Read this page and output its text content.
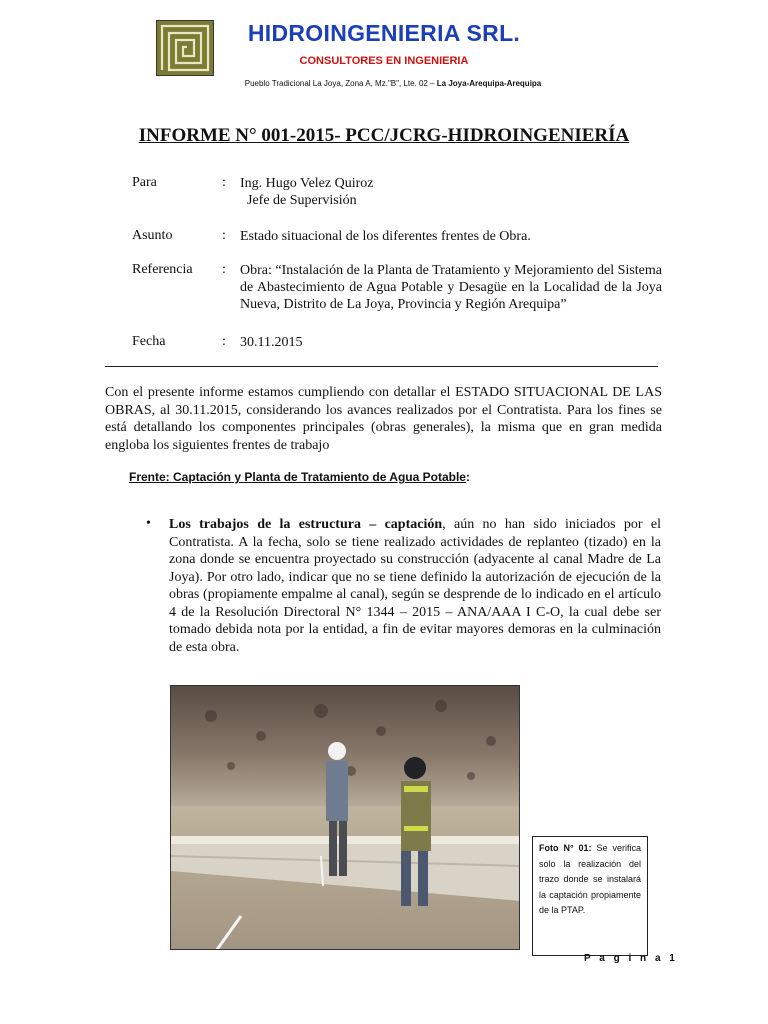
HIDROINGENIERIA SRL.
CONSULTORES EN INGENIERIA
Pueblo Tradicional La Joya, Zona A, Mz."B", Lte. 02 – La Joya-Arequipa-Arequipa
INFORME N° 001-2015- PCC/JCRG-HIDROINGENIERÍA
Para	: Ing. Hugo Velez Quiroz
Jefe de Supervisión
Asunto	: Estado situacional de los diferentes frentes de Obra.
Referencia : Obra: “Instalación de la Planta de Tratamiento y Mejoramiento del Sistema de Abastecimiento de Agua Potable y Desagüe en la Localidad de la Joya Nueva, Distrito de La Joya, Provincia y Región Arequipa”
Fecha	: 30.11.2015
Con el presente informe estamos cumpliendo con detallar el ESTADO SITUACIONAL DE LAS OBRAS, al 30.11.2015, considerando los avances realizados por el Contratista. Para los fines se está detallando los componentes principales (obras generales), la misma que en gran medida engloba los siguientes frentes de trabajo
Frente: Captación y Planta de Tratamiento de Agua Potable:
• Los trabajos de la estructura – captación, aún no han sido iniciados por el Contratista. A la fecha, solo se tiene realizado actividades de replanteo (tizado) en la zona donde se encuentra proyectado su construcción (adyacente al canal Madre de La Joya). Por otro lado, indicar que no se tiene definido la autorización de ejecución de la obras (propiamente empalme al canal), según se desprende de lo indicado en el artículo 4 de la Resolución Directoral N° 1344 – 2015 – ANA/AAA I C-O, la cual debe ser tomado debida nota por la entidad, a fin de evitar mayores demoras en la culminación de esta obra.
Foto N° 01: Se verifica solo la realización del trazo donde se instalará la captación propiamente de la PTAP.
P a g i n a 1
